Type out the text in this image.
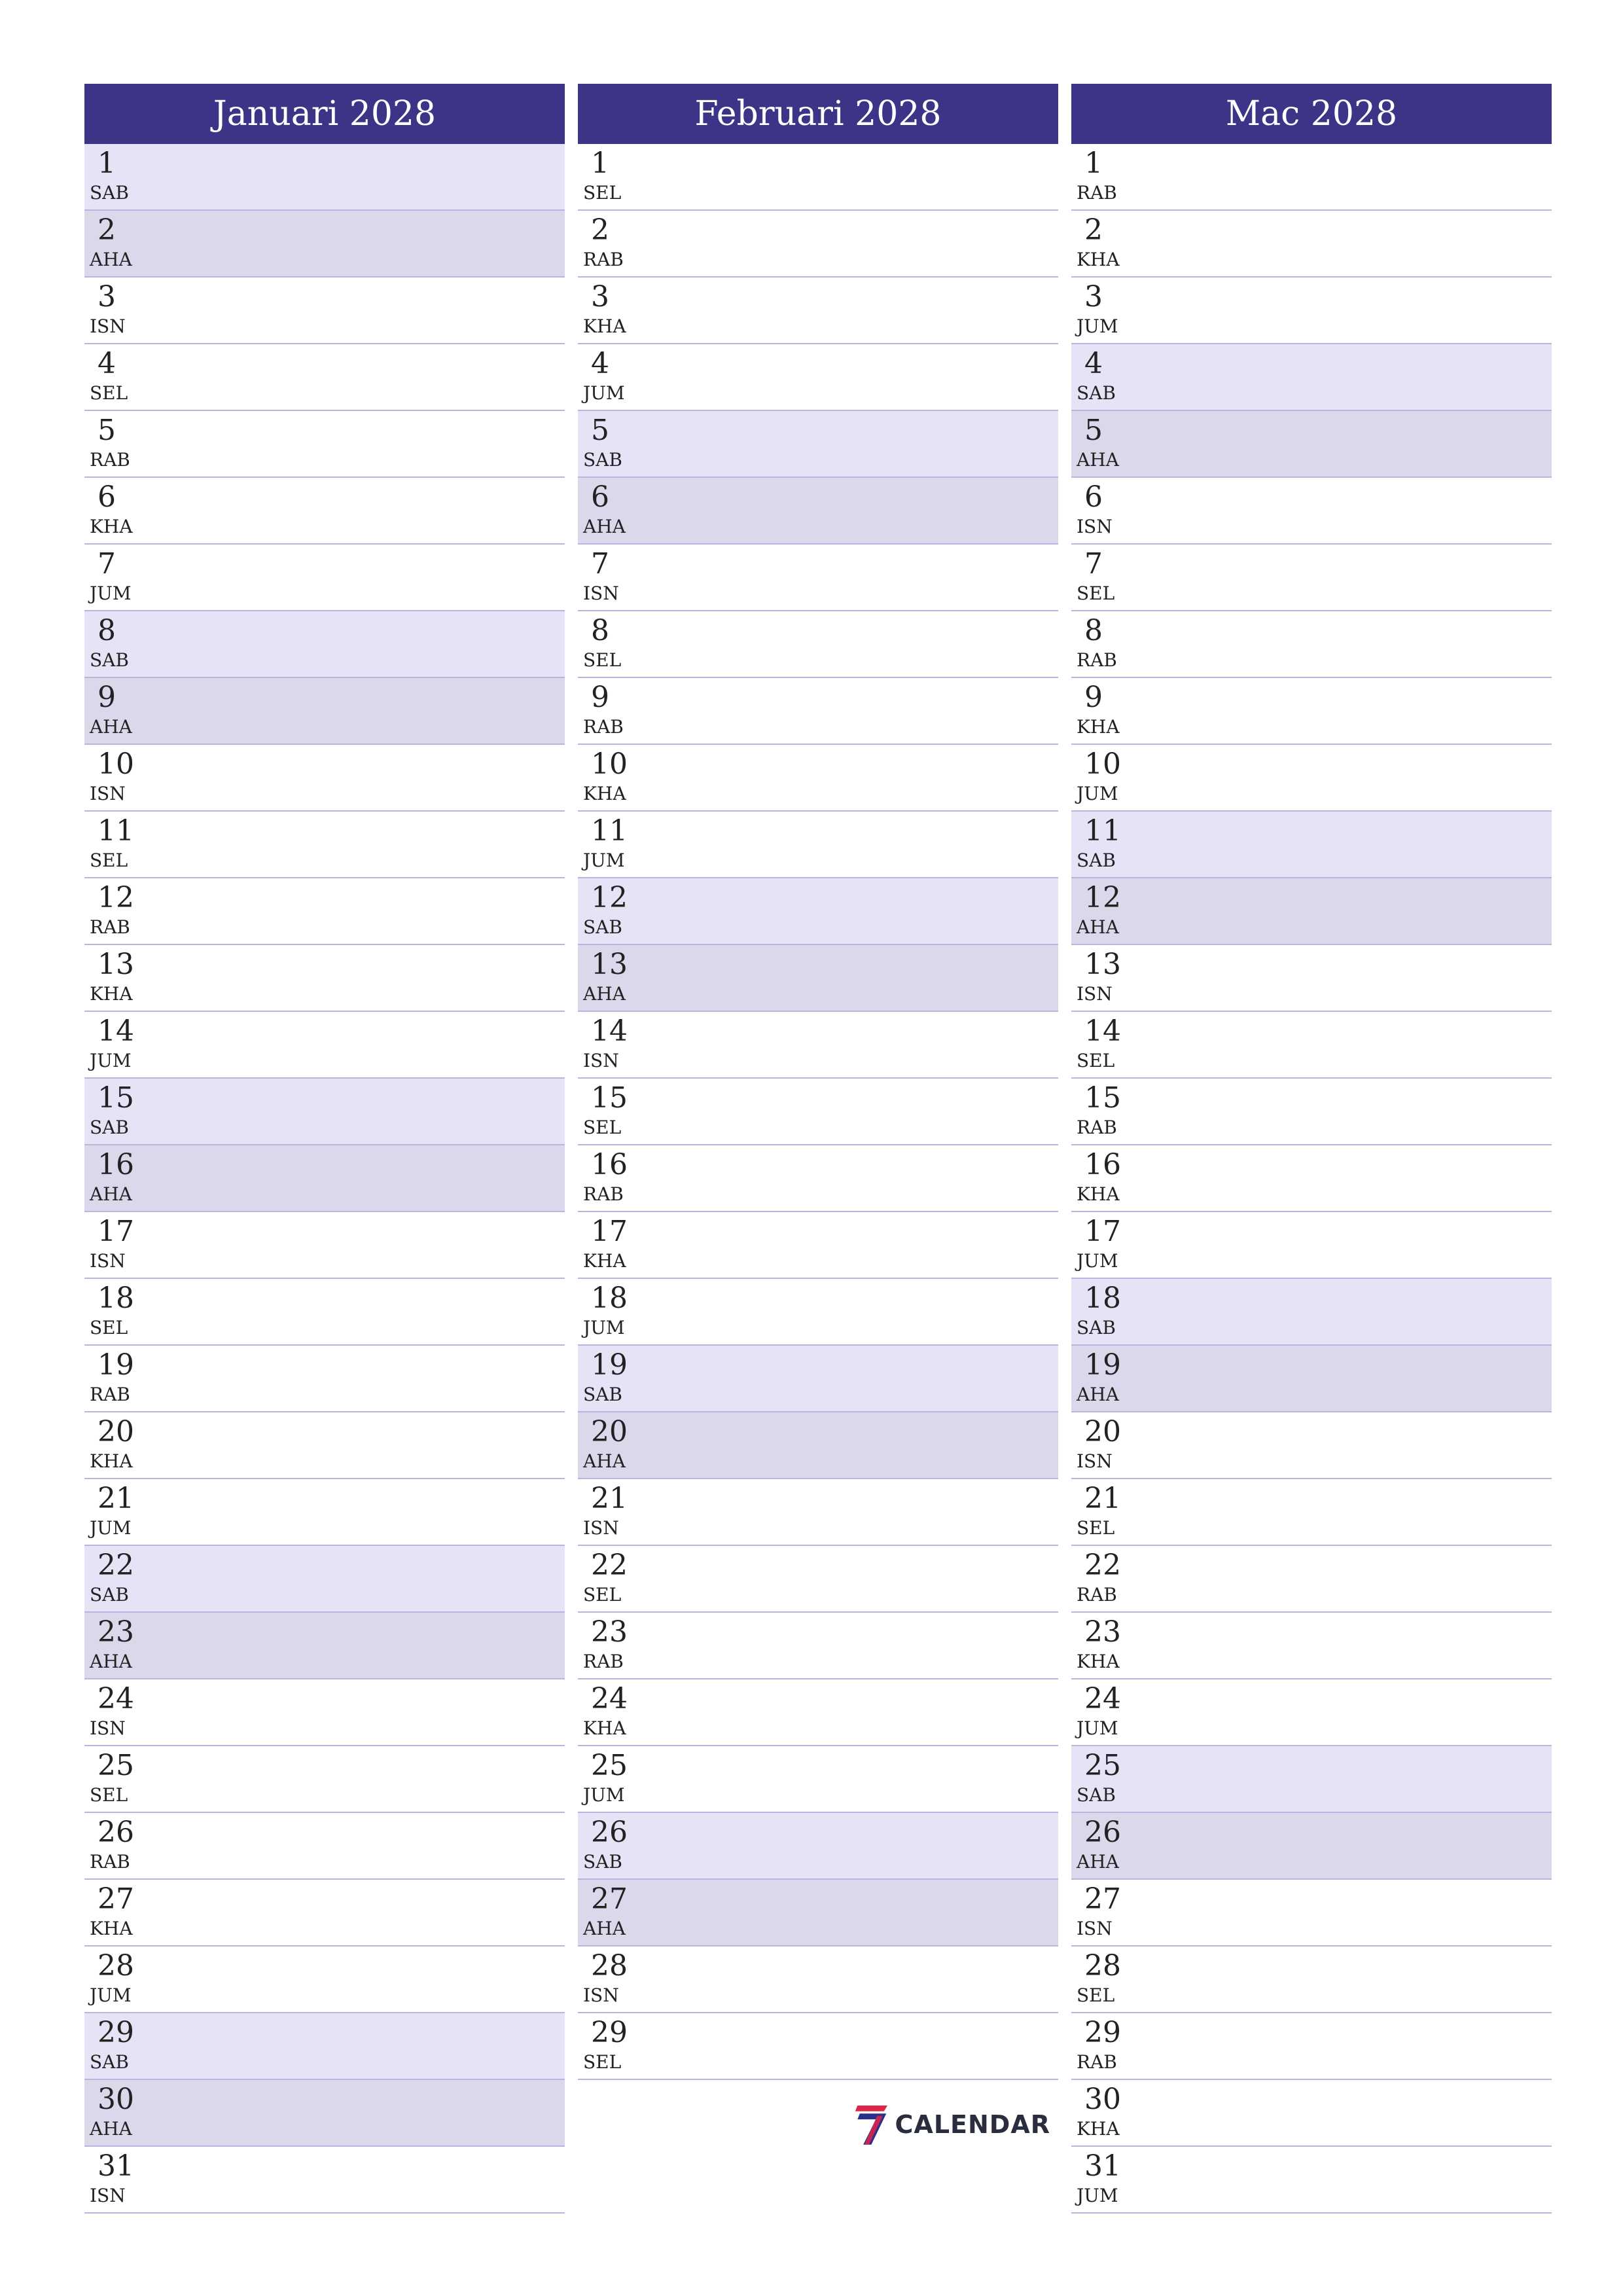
Januari 2028
1
SAB
2
AHA
3
ISN
4
SEL
5
RAB
6
KHA
7
JUM
8
SAB
9
AHA
10
ISN
11
SEL
12
RAB
13
KHA
14
JUM
15
SAB
16
AHA
17
ISN
18
SEL
19
RAB
20
KHA
21
JUM
22
SAB
23
AHA
24
ISN
25
SEL
26
RAB
27
KHA
28
JUM
29
SAB
30
AHA
31
ISN
Februari 2028
1
SEL
2
RAB
3
KHA
4
JUM
5
SAB
6
AHA
7
ISN
8
SEL
9
RAB
10
KHA
11
JUM
12
SAB
13
AHA
14
ISN
15
SEL
16
RAB
17
KHA
18
JUM
19
SAB
20
AHA
21
ISN
22
SEL
23
RAB
24
KHA
25
JUM
26
SAB
27
AHA
28
ISN
29
SEL
Mac 2028
1
RAB
2
KHA
3
JUM
4
SAB
5
AHA
6
ISN
7
SEL
8
RAB
9
KHA
10
JUM
11
SAB
12
AHA
13
ISN
14
SEL
15
RAB
16
KHA
17
JUM
18
SAB
19
AHA
20
ISN
21
SEL
22
RAB
23
KHA
24
JUM
25
SAB
26
AHA
27
ISN
28
SEL
29
RAB
30
KHA
31
JUM
CALENDAR
